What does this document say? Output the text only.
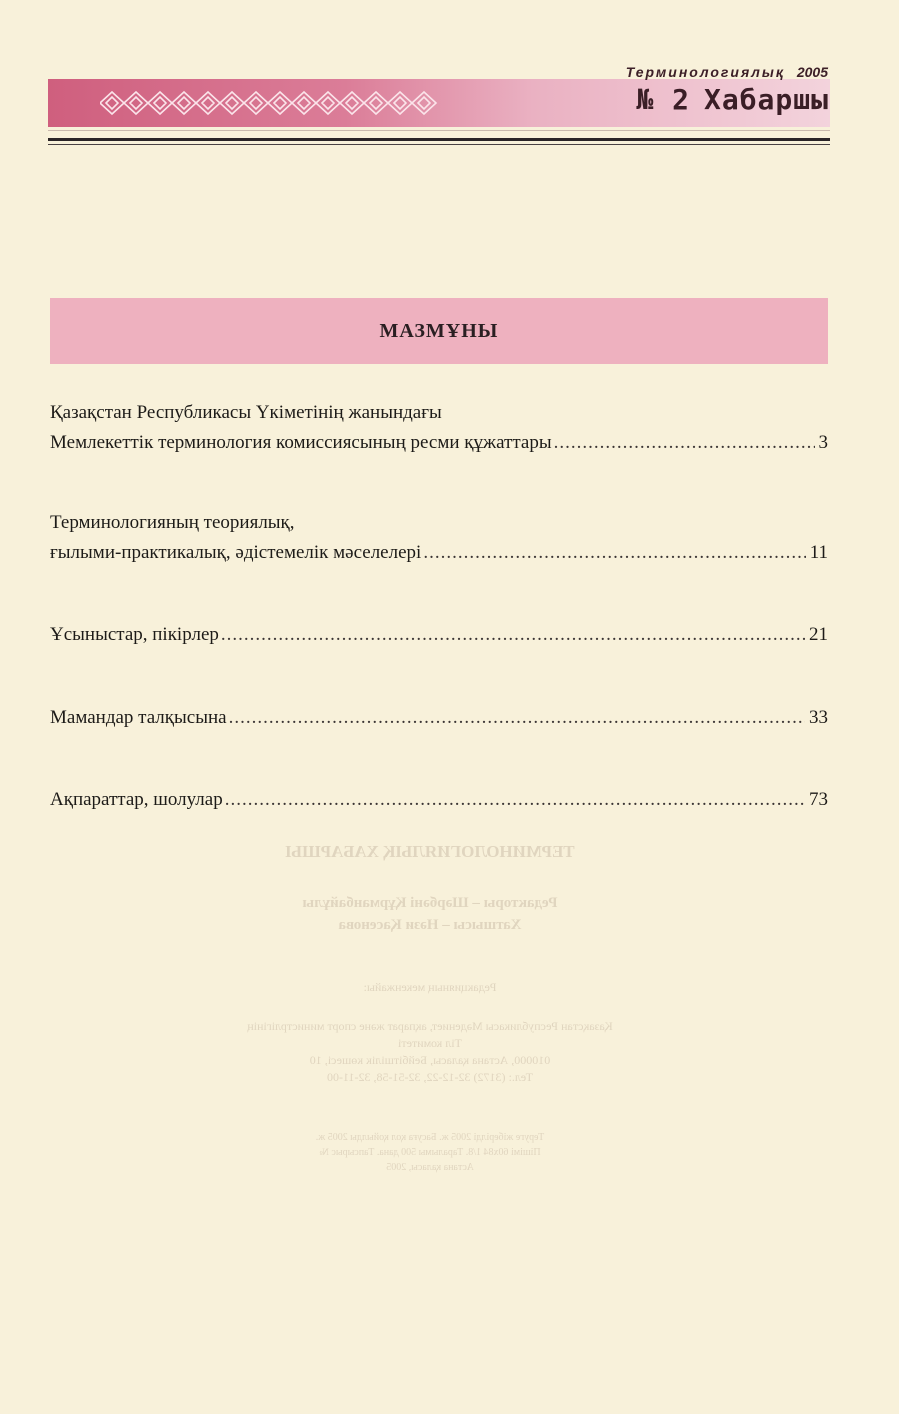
Терминологиялық 2005
№ 2 Хабаршы
МАЗМҰНЫ
Қазақстан Республикасы Үкіметінің жанындағы
Мемлекеттік терминология комиссиясының ресми құжаттары .....	3
Терминологияның теориялық,
ғылыми-практикалық, әдістемелік мәселелері .....	11
Ұсыныстар, пікірлер .....	21
Мамандар талқысына .....	33
Ақпараттар, шолулар .....	73
ТЕРМИНОЛОГИЯЛЫҚ ХАБАРШЫ
Редакторы – Шәрбәні Құрманбайұлы
Хатшысы – Нәзи Қасенова
Редакцияның мекенжайы:
Қазақстан Республикасы Мәдениет, ақпарат және спорт министрлігінің
Тіл комитеті
010000, Астана қаласы, Бейбітшілік көшесі, 10
Тел.: (3172) 32-12-22, 32-51-58, 32-11-00
Теруге жіберілді 2005 ж. Басуға қол қойылды 2005 ж.
Пішімі 60х84 1/8. Таралымы 500 дана. Тапсырыс №
Астана қаласы, 2005
